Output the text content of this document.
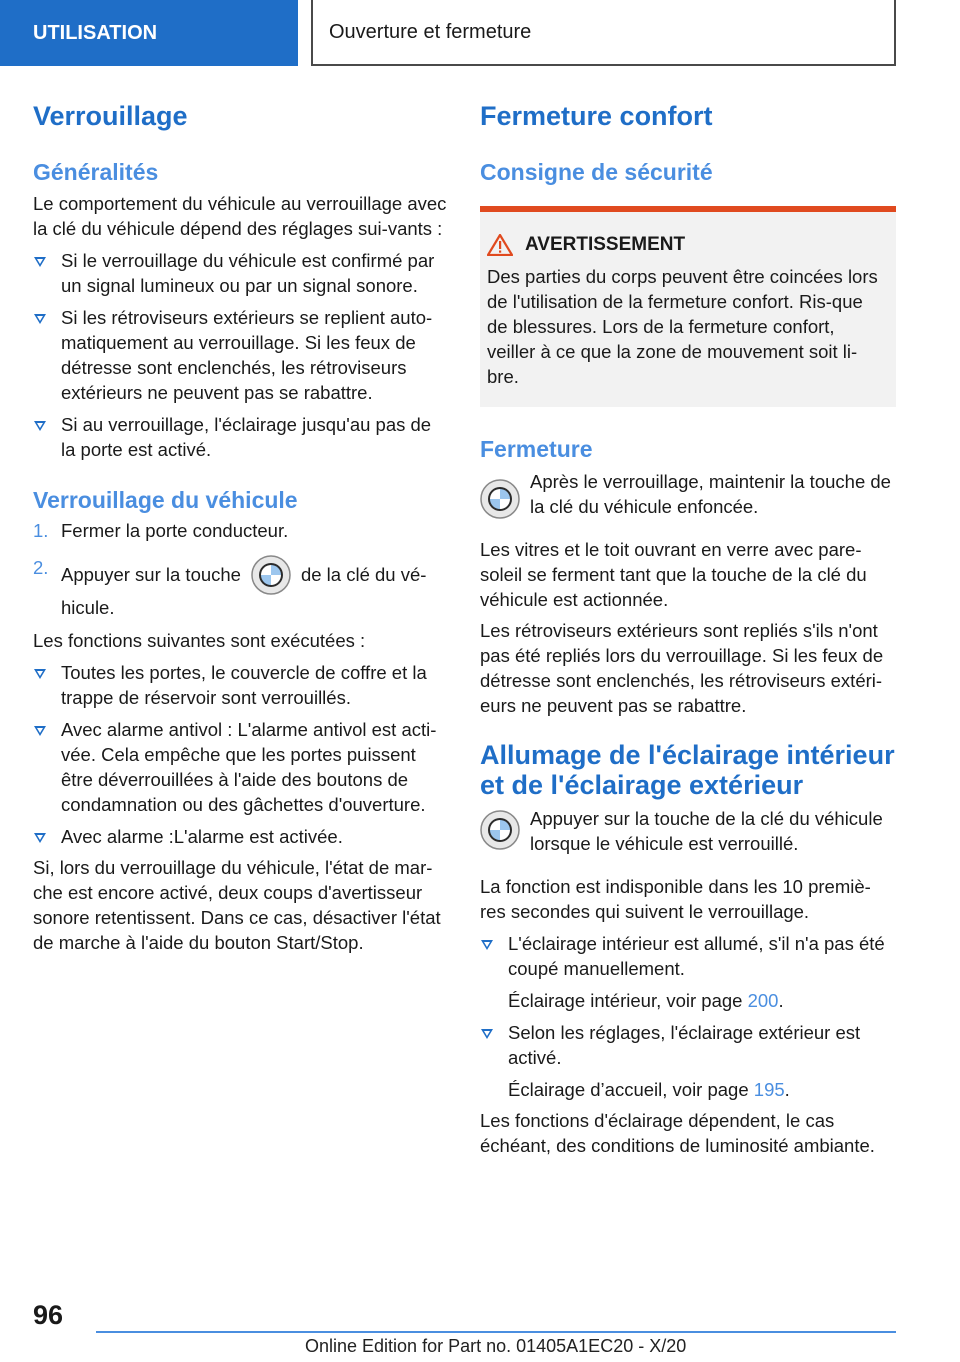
UTILISATION	Ouverture et fermeture
Verrouillage
Généralités

Le comportement du véhicule au verrouillage avec la clé du véhicule dépend des réglages sui-vants :

Si le verrouillage du véhicule est confirmé par un signal lumineux ou par un signal sonore.
Si les rétroviseurs extérieurs se replient auto-matiquement au verrouillage. Si les feux de détresse sont enclenchés, les rétroviseurs extérieurs ne peuvent pas se rabattre.
Si au verrouillage, l'éclairage jusqu'au pas de la porte est activé.
Verrouillage du véhicule
1. Fermer la porte conducteur.
2. Appuyer sur la touche	de la clé du vé-hicule.

Les fonctions suivantes sont exécutées :

Toutes les portes, le couvercle de coffre et la trappe de réservoir sont verrouillés.
Avec alarme antivol : L'alarme antivol est acti-vée. Cela empêche que les portes puissent être déverrouillées à l'aide des boutons de condamnation ou des gâchettes d'ouverture.
Avec alarme :L'alarme est activée.

Si, lors du verrouillage du véhicule, l'état de mar-che est encore activé, deux coups d'avertisseur sonore retentissent. Dans ce cas, désactiver l'état de marche à l'aide du bouton Start/Stop.

Fermeture confort
Consigne de sécurité
AVERTISSEMENT

Des parties du corps peuvent être coincées lors de l'utilisation de la fermeture confort. Ris-que de blessures. Lors de la fermeture confort, veiller à ce que la zone de mouvement soit li-bre.

Fermeture

Après le verrouillage, maintenir la touche de la clé du véhicule enfoncée.

Les vitres et le toit ouvrant en verre avec pare-soleil se ferment tant que la touche de la clé du véhicule est actionnée.

Les rétroviseurs extérieurs sont repliés s'ils n'ont pas été repliés lors du verrouillage. Si les feux de détresse sont enclenchés, les rétroviseurs extéri-eurs ne peuvent pas se rabattre.

Allumage de l'éclairage intérieur et de l'éclairage extérieur

Appuyer sur la touche de la clé du véhicule lorsque le véhicule est verrouillé.

La fonction est indisponible dans les 10 premiè-res secondes qui suivent le verrouillage.

L'éclairage intérieur est allumé, s'il n'a pas été coupé manuellement.
Éclairage intérieur, voir page 200.
Selon les réglages, l'éclairage extérieur est activé.
Éclairage d’accueil, voir page 195.

Les fonctions d'éclairage dépendent, le cas échéant, des conditions de luminosité ambiante.

96
Online Edition for Part no. 01405A1EC20 - X/20
